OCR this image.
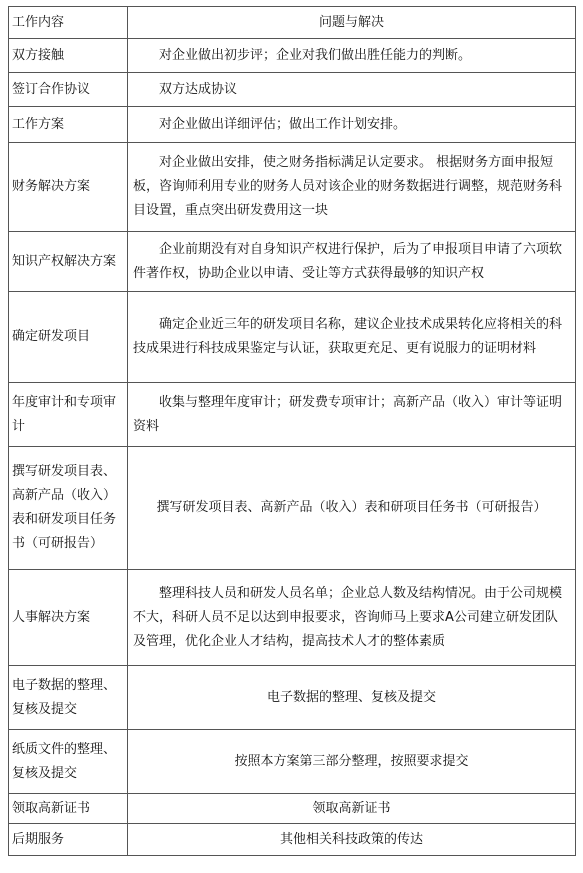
工作内容	问题与解决
双方接触	对企业做出初步评；企业对我们做出胜任能力的判断。
签订合作协议	双方达成协议
工作方案	对企业做出详细评估；做出工作计划安排。
财务解决方案	对企业做出安排，使之财务指标满足认定要求。 根据财务方面申报短板，咨询师利用专业的财务人员对该企业的财务数据进行调整，规范财务科目设置，重点突出研发费用这一块
知识产权解决方案	企业前期没有对自身知识产权进行保护，后为了申报项目申请了六项软件著作权，协助企业以申请、受让等方式获得最够的知识产权
确定研发项目	确定企业近三年的研发项目名称，建议企业技术成果转化应将相关的科技成果进行科技成果鉴定与认证，获取更充足、更有说服力的证明材料
年度审计和专项审计	收集与整理年度审计；研发费专项审计；高新产品（收入）审计等证明资料
撰写研发项目表、高新产品（收入）表和研发项目任务书（可研报告）	撰写研发项目表、高新产品（收入）表和研项目任务书（可研报告）
人事解决方案	整理科技人员和研发人员名单；企业总人数及结构情况。由于公司规模不大，科研人员不足以达到申报要求，咨询师马上要求A公司建立研发团队及管理，优化企业人才结构，提高技术人才的整体素质
电子数据的整理、复核及提交	电子数据的整理、复核及提交
纸质文件的整理、复核及提交	按照本方案第三部分整理，按照要求提交
领取高新证书	领取高新证书
后期服务	其他相关科技政策的传达
